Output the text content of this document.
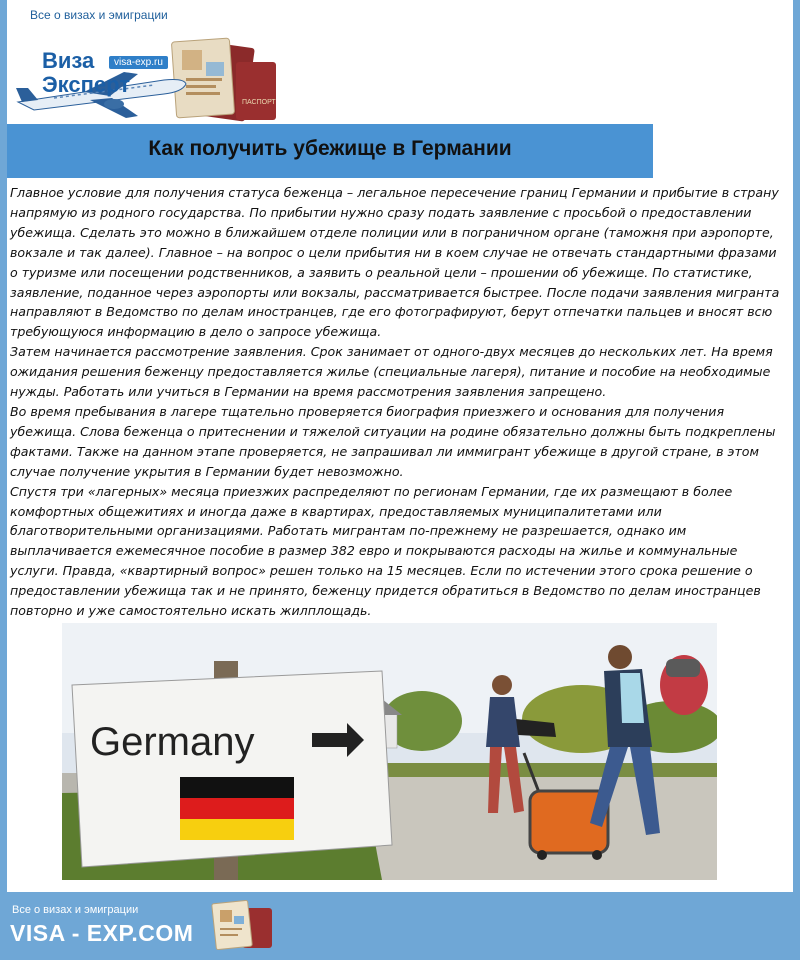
Все о визах и эмиграции
ПАСПОРТ
Виза	visa-exp.ru
Эксперт
Как получить убежище в Германии

Главное условие для получения статуса беженца – легальное пересечение границ Германии и прибытие в страну напрямую из родного государства. По прибытии нужно сразу подать заявление с просьбой о предоставлении убежища. Сделать это можно в ближайшем отделе полиции или в пограничном органе (таможня при аэропорте, вокзале и так далее). Главное – на вопрос о цели прибытия ни в коем случае не отвечать стандартными фразами о туризме или посещении родственников, а заявить о реальной цели – прошении об убежище. По статистике, заявление, поданное через аэропорты или вокзалы, рассматривается быстрее. После подачи заявления мигранта направляют в Ведомство по делам иностранцев, где его фотографируют, берут отпечатки пальцев и вносят всю требующуюся информацию в дело о запросе убежища.

Затем начинается рассмотрение заявления. Срок занимает от одного-двух месяцев до нескольких лет. На время ожидания решения беженцу предоставляется жилье (специальные лагеря), питание и пособие на необходимые нужды. Работать или учиться в Германии на время рассмотрения заявления запрещено.

Во время пребывания в лагере тщательно проверяется биография приезжего и основания для получения убежища. Слова беженца о притеснении и тяжелой ситуации на родине обязательно должны быть подкреплены фактами. Также на данном этапе проверяется, не запрашивал ли иммигрант убежище в другой стране, в этом случае получение укрытия в Германии будет невозможно.

Спустя три «лагерных» месяца приезжих распределяют по регионам Германии, где их размещают в более комфортных общежитиях и иногда даже в квартирах, предоставляемых муниципалитетами или благотворительными организациями. Работать мигрантам по-прежнему не разрешается, однако им выплачивается ежемесячное пособие в размер 382 евро и покрываются расходы на жилье и коммунальные услуги. Правда, «квартирный вопрос» решен только на 15 месяцев. Если по истечении этого срока решение о предоставлении убежища так и не принято, беженцу придется обратиться в Ведомство по делам иностранцев повторно и уже самостоятельно искать жилплощадь.

Germany
Все о визах и эмиграции
VISA - EXP.COM
